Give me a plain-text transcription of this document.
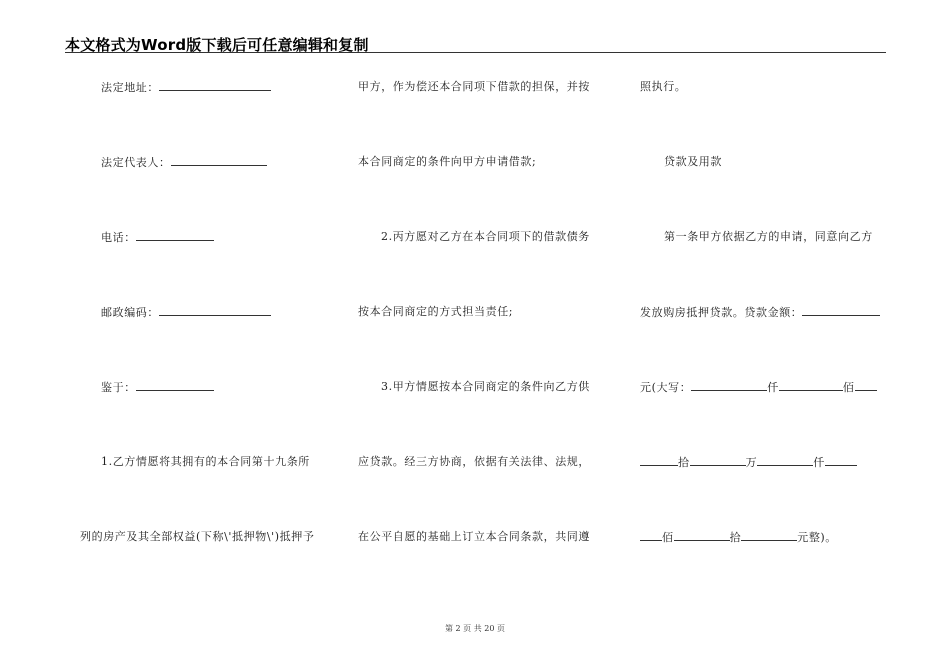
本文格式为Word版下载后可任意编辑和复制
法定地址：
法定代表人：
电话：
邮政编码：
鉴于：
1.乙方情愿将其拥有的本合同第十九条所
列的房产及其全部权益(下称\'抵押物\')抵押予
甲方，作为偿还本合同项下借款的担保，并按
本合同商定的条件向甲方申请借款;
2.丙方愿对乙方在本合同项下的借款债务
按本合同商定的方式担当责任;
3.甲方情愿按本合同商定的条件向乙方供
应贷款。经三方协商，依据有关法律、法规，
在公平自愿的基础上订立本合同条款，共同遵
照执行。
贷款及用款
第一条甲方依据乙方的申请，同意向乙方
发放购房抵押贷款。贷款金额：
元(大写：	仟	佰
拾	万	仟
佰	拾	元整)。
第 2 页 共 20 页
